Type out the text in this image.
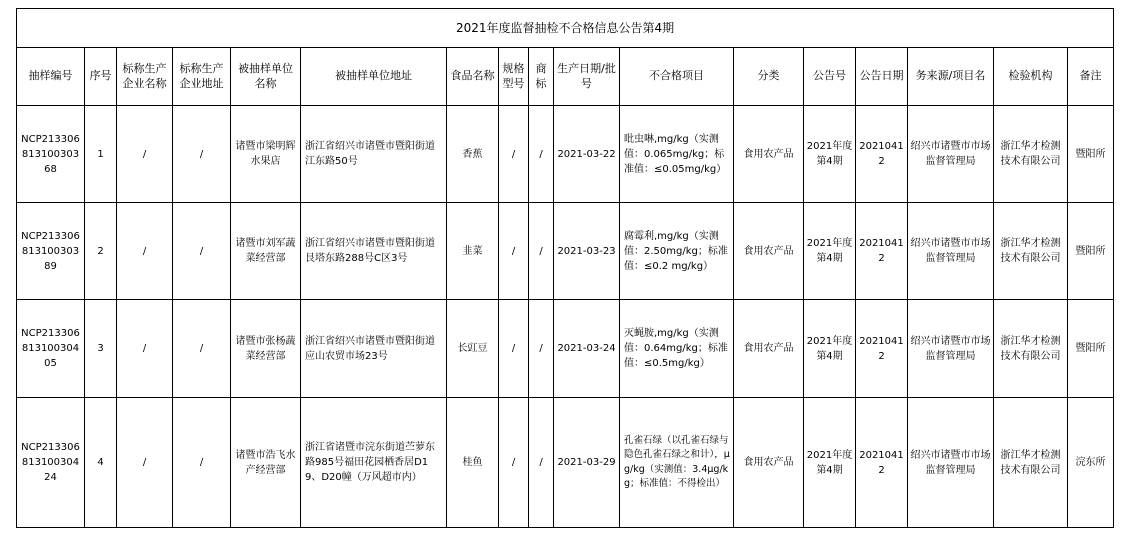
2021年度监督抽检不合格信息公告第4期																
抽样编号	序号	标称生产企业名称	标称生产企业地址	被抽样单位名称	被抽样单位地址	食品名称	规格型号	商标	生产日期/批号	不合格项目	分类	公告号	公告日期	务来源/项目名	检验机构	备注
NCP21330681310030368	1	/	/	诸暨市梁明辉水果店	浙江省绍兴市诸暨市暨阳街道江东路50号	香蕉	/	/	2021-03-22	吡虫啉,mg/kg（实测值：0.065mg/kg；标准值：≤0.05mg/kg）	食用农产品	2021年度第4期	20210412	绍兴市诸暨市市场监督管理局	浙江华才检测技术有限公司	暨阳所
NCP21330681310030389	2	/	/	诸暨市刘军蔬菜经营部	浙江省绍兴市诸暨市暨阳街道艮塔东路288号C区3号	韭菜	/	/	2021-03-23	腐霉利,mg/kg（实测值：2.50mg/kg；标准值：≤0.2 mg/kg）	食用农产品	2021年度第4期	20210412	绍兴市诸暨市市场监督管理局	浙江华才检测技术有限公司	暨阳所
NCP21330681310030405	3	/	/	诸暨市张杨蔬菜经营部	浙江省绍兴市诸暨市暨阳街道应山农贸市场23号	长豇豆	/	/	2021-03-24	灭蝇胺,mg/kg（实测值：0.64mg/kg；标准值：≤0.5mg/kg）	食用农产品	2021年度第4期	20210412	绍兴市诸暨市市场监督管理局	浙江华才检测技术有限公司	暨阳所
NCP21330681310030424	4	/	/	诸暨市浩飞水产经营部	浙江省诸暨市浣东街道苎萝东路985号福田花园栖香居D19、D20幢（万风超市内）	桂鱼	/	/	2021-03-29	孔雀石绿（以孔雀石绿与隐色孔雀石绿之和计），μg/kg（实测值：3.4μg/kg；标准值：不得检出）	食用农产品	2021年度第4期	20210412	绍兴市诸暨市市场监督管理局	浙江华才检测技术有限公司	浣东所
